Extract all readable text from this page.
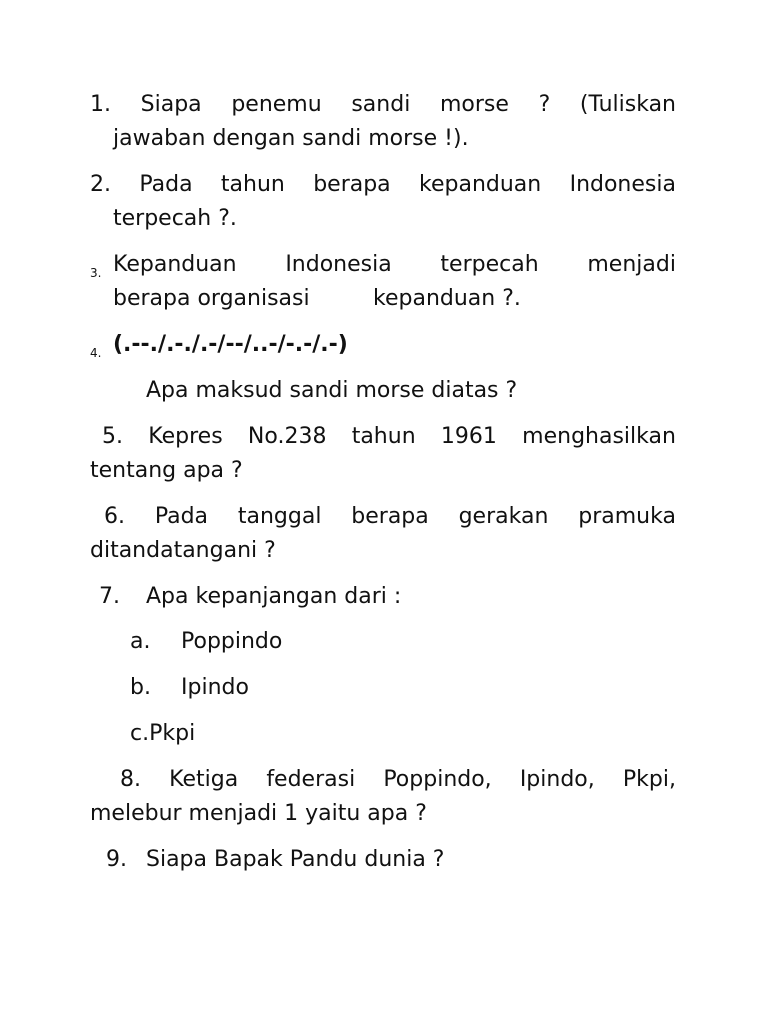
1. Siapa penemu sandi morse ? (Tuliskan
jawaban dengan sandi morse !).
2. Pada tahun berapa kepanduan Indonesia
terpecah ?.
3. Kepanduan Indonesia terpecah menjadi
berapa organisasi	kepanduan ?.
4. (.--./.-./.-/--/..-/-.-/.-)
Apa maksud sandi morse diatas ?
5. Kepres No.238 tahun 1961 menghasilkan
tentang apa ?
6. Pada tanggal berapa gerakan pramuka
ditandatangani ?
7. Apa kepanjangan dari :
a. Poppindo
b. Ipindo
c.Pkpi
8. Ketiga federasi Poppindo, Ipindo, Pkpi,
melebur menjadi 1 yaitu apa ?
9. Siapa Bapak Pandu dunia ?
